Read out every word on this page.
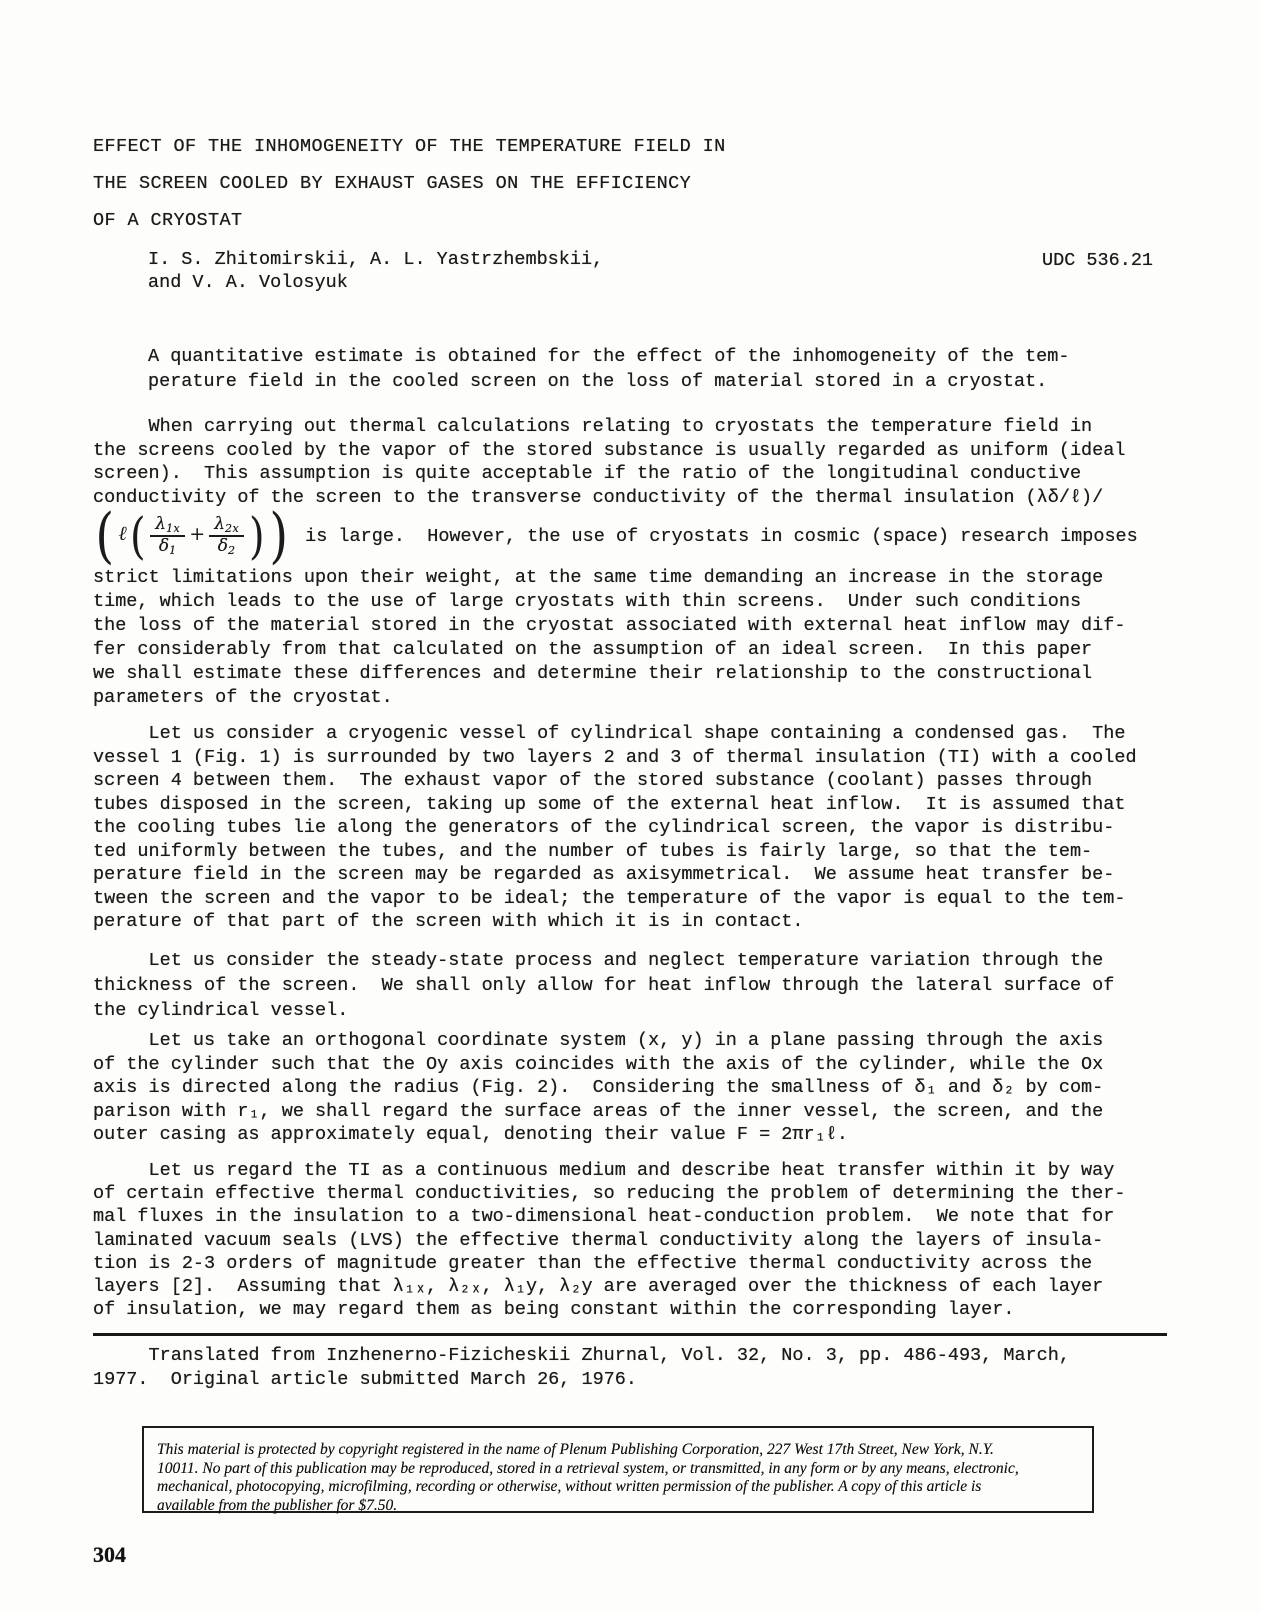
EFFECT OF THE INHOMOGENEITY OF THE TEMPERATURE FIELD IN
THE SCREEN COOLED BY EXHAUST GASES ON THE EFFICIENCY
OF A CRYOSTAT
I. S. Zhitomirskii, A. L. Yastrzhembskii,
and V. A. Volosyuk
UDC 536.21
A quantitative estimate is obtained for the effect of the inhomogeneity of the tem-
perature field in the cooled screen on the loss of material stored in a cryostat.
When carrying out thermal calculations relating to cryostats the temperature field in
the screens cooled by the vapor of the stored substance is usually regarded as uniform (ideal
screen).  This assumption is quite acceptable if the ratio of the longitudinal conductive
conductivity of the screen to the transverse conductivity of the thermal insulation (λδ/ℓ)/
( ℓ ( $\frac{\lambda_{1x}}{\delta_1} + \frac{\lambda_{2x}}{\delta_2}$ ) ) is large.  However, the use of cryostats in cosmic (space) research imposes
strict limitations upon their weight, at the same time demanding an increase in the storage
time, which leads to the use of large cryostats with thin screens.  Under such conditions
the loss of the material stored in the cryostat associated with external heat inflow may dif-
fer considerably from that calculated on the assumption of an ideal screen.  In this paper
we shall estimate these differences and determine their relationship to the constructional
parameters of the cryostat.
Let us consider a cryogenic vessel of cylindrical shape containing a condensed gas.  The
vessel 1 (Fig. 1) is surrounded by two layers 2 and 3 of thermal insulation (TI) with a cooled
screen 4 between them.  The exhaust vapor of the stored substance (coolant) passes through
tubes disposed in the screen, taking up some of the external heat inflow.  It is assumed that
the cooling tubes lie along the generators of the cylindrical screen, the vapor is distribu-
ted uniformly between the tubes, and the number of tubes is fairly large, so that the tem-
perature field in the screen may be regarded as axisymmetrical.  We assume heat transfer be-
tween the screen and the vapor to be ideal; the temperature of the vapor is equal to the tem-
perature of that part of the screen with which it is in contact.
Let us consider the steady-state process and neglect temperature variation through the
thickness of the screen.  We shall only allow for heat inflow through the lateral surface of
the cylindrical vessel.
Let us take an orthogonal coordinate system (x, y) in a plane passing through the axis
of the cylinder such that the Oy axis coincides with the axis of the cylinder, while the Ox
axis is directed along the radius (Fig. 2).  Considering the smallness of δ₁ and δ₂ by com-
parison with r₁, we shall regard the surface areas of the inner vessel, the screen, and the
outer casing as approximately equal, denoting their value F = 2πr₁ℓ.
Let us regard the TI as a continuous medium and describe heat transfer within it by way
of certain effective thermal conductivities, so reducing the problem of determining the ther-
mal fluxes in the insulation to a two-dimensional heat-conduction problem.  We note that for
laminated vacuum seals (LVS) the effective thermal conductivity along the layers of insula-
tion is 2-3 orders of magnitude greater than the effective thermal conductivity across the
layers [2].  Assuming that λ₁ₓ, λ₂ₓ, λ₁y, λ₂y are averaged over the thickness of each layer
of insulation, we may regard them as being constant within the corresponding layer.
Translated from Inzhenerno-Fizicheskii Zhurnal, Vol. 32, No. 3, pp. 486-493, March,
1977.  Original article submitted March 26, 1976.
This material is protected by copyright registered in the name of Plenum Publishing Corporation, 227 West 17th Street, New York, N.Y.
10011. No part of this publication may be reproduced, stored in a retrieval system, or transmitted, in any form or by any means, electronic,
mechanical, photocopying, microfilming, recording or otherwise, without written permission of the publisher. A copy of this article is
available from the publisher for $7.50.
304
